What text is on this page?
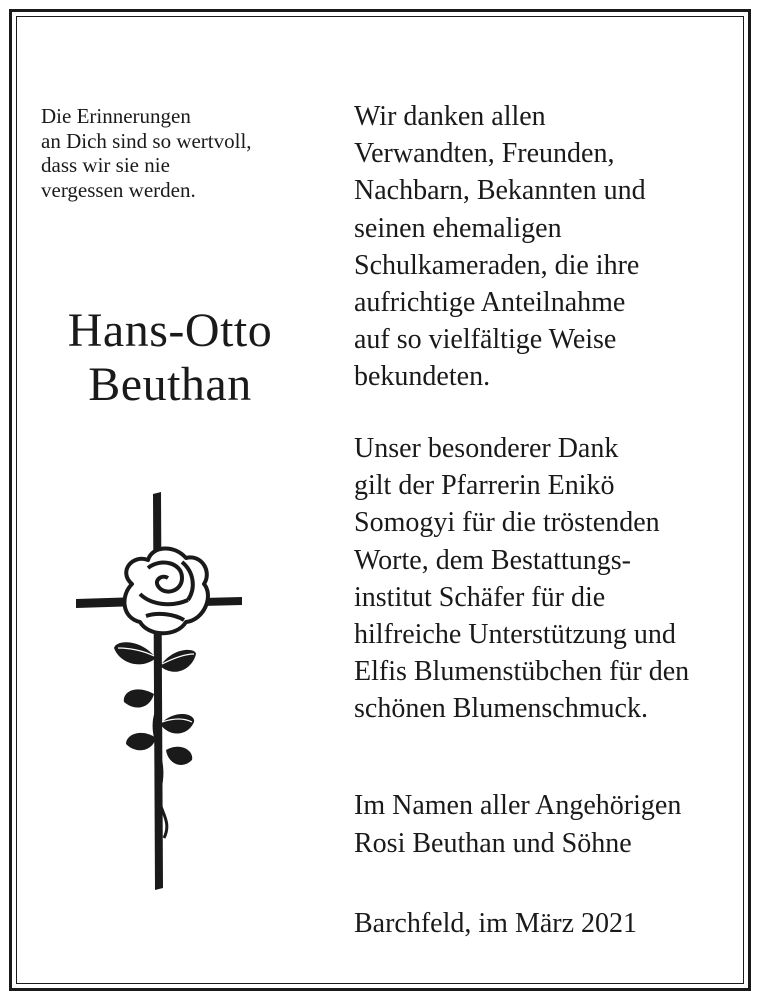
Die Erinnerungen
an Dich sind so wertvoll,
dass wir sie nie
vergessen werden.
Hans-Otto
Beuthan
Wir danken allen
Verwandten, Freunden,
Nachbarn, Bekannten und
seinen ehemaligen
Schulkameraden, die ihre
aufrichtige Anteilnahme
auf so vielfältige Weise
bekundeten.
Unser besonderer Dank
gilt der Pfarrerin Enikö
Somogyi für die tröstenden
Worte, dem Bestattungs-
institut Schäfer für die
hilfreiche Unterstützung und
Elfis Blumenstübchen für den
schönen Blumenschmuck.
Im Namen aller Angehörigen
Rosi Beuthan und Söhne
Barchfeld, im März 2021
